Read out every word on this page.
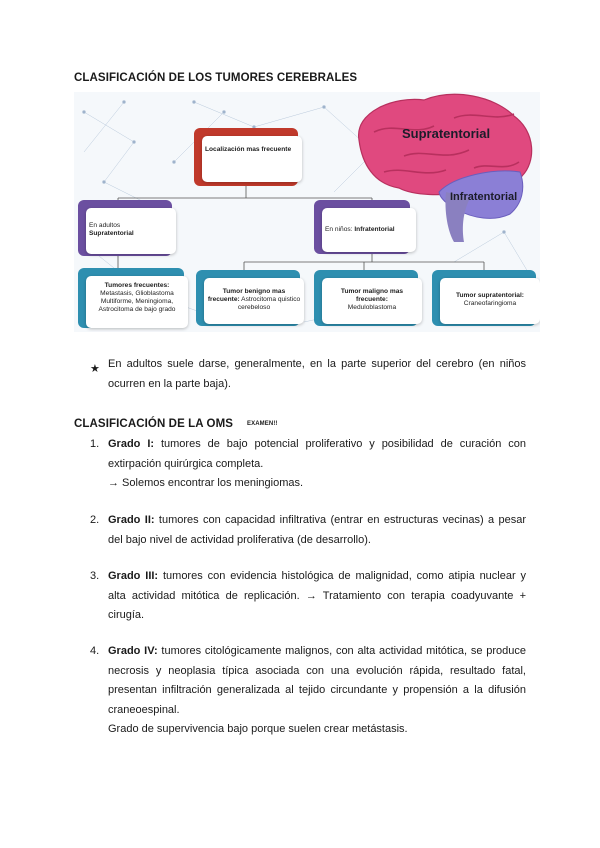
CLASIFICACIÓN DE LOS TUMORES CEREBRALES
Supratentorial
Infratentorial
Localización mas frecuente
En adultos
Supratentorial
En niños: Infratentorial
Tumores frecuentes:
Metastasis, Glioblastoma Multiforme, Meningioma, Astrocitoma de bajo grado
Tumor benigno mas frecuente: Astrocitoma quistico cerebeloso
Tumor maligno mas frecuente:
Meduloblastoma
Tumor supratentorial:
Craneofaringioma
★ En adultos suele darse, generalmente, en la parte superior del cerebro (en niños ocurren en la parte baja).
CLASIFICACIÓN DE LA OMS EXAMEN!!
1. Grado I: tumores de bajo potencial proliferativo y posibilidad de curación con extirpación quirúrgica completa.
→ Solemos encontrar los meningiomas.
2. Grado II: tumores con capacidad infiltrativa (entrar en estructuras vecinas) a pesar del bajo nivel de actividad proliferativa (de desarrollo).
3. Grado III: tumores con evidencia histológica de malignidad, como atipia nuclear y alta actividad mitótica de replicación. → Tratamiento con terapia coadyuvante + cirugía.
4. Grado IV: tumores citológicamente malignos, con alta actividad mitótica, se produce necrosis y neoplasia típica asociada con una evolución rápida, resultado fatal, presentan infiltración generalizada al tejido circundante y propensión a la difusión craneoespinal.
Grado de supervivencia bajo porque suelen crear metástasis.
